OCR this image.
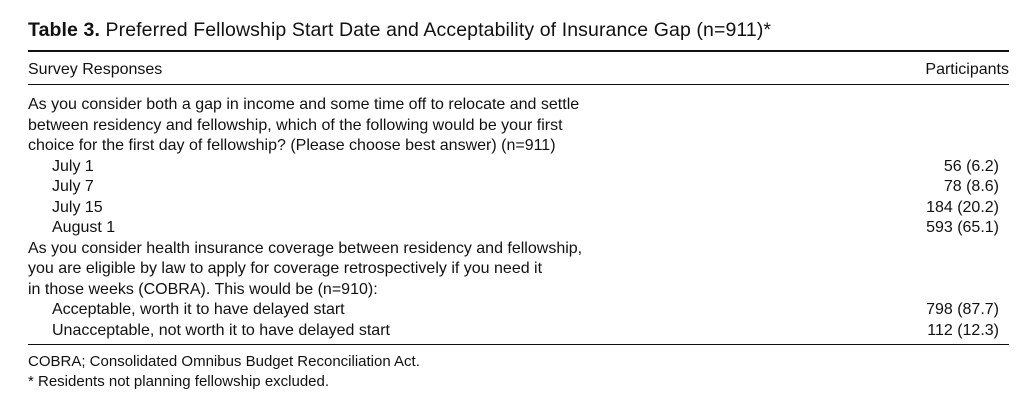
Table 3. Preferred Fellowship Start Date and Acceptability of Insurance Gap (n=911)*
Survey Responses	Participants
As you consider both a gap in income and some time off to relocate and settle
between residency and fellowship, which of the following would be your first
choice for the first day of fellowship? (Please choose best answer) (n=911)
July 1	56 (6.2)
July 7	78 (8.6)
July 15	184 (20.2)
August 1	593 (65.1)
As you consider health insurance coverage between residency and fellowship,
you are eligible by law to apply for coverage retrospectively if you need it
in those weeks (COBRA). This would be (n=910):
Acceptable, worth it to have delayed start	798 (87.7)
Unacceptable, not worth it to have delayed start	112 (12.3)
COBRA; Consolidated Omnibus Budget Reconciliation Act.
* Residents not planning fellowship excluded.
